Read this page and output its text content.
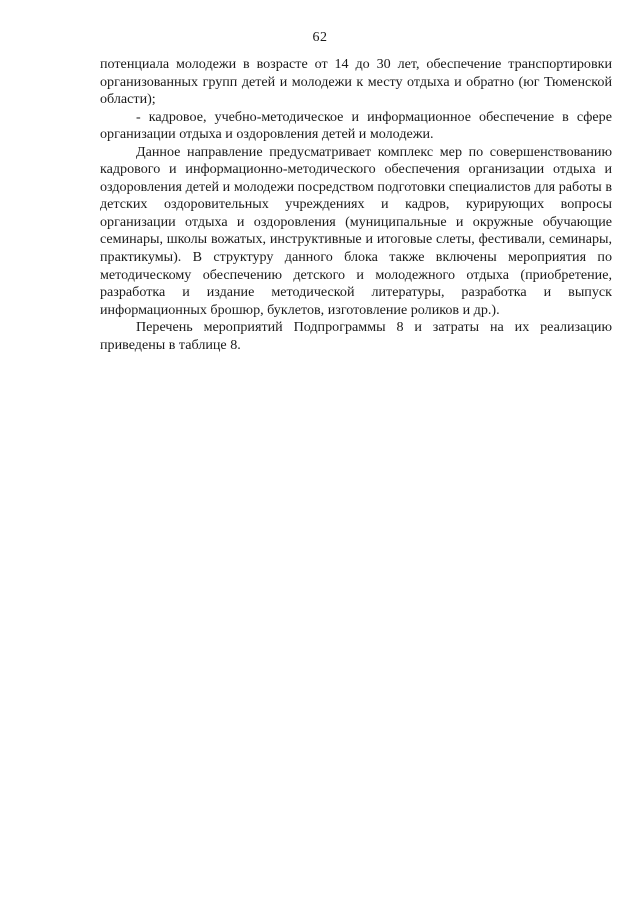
62

потенциала молодежи в возрасте от 14 до 30 лет, обеспечение транспортировки организованных групп детей и молодежи к месту отдыха и обратно (юг Тюменской области);

- кадровое, учебно-методическое и информационное обеспечение в сфере организации отдыха и оздоровления детей и молодежи.

Данное направление предусматривает комплекс мер по совершенствованию кадрового и информационно-методического обеспечения организации отдыха и оздоровления детей и молодежи посредством подготовки специалистов для работы в детских оздоровительных учреждениях и кадров, курирующих вопросы организации отдыха и оздоровления (муниципальные и окружные обучающие семинары, школы вожатых, инструктивные и итоговые слеты, фестивали, семинары, практикумы). В структуру данного блока также включены мероприятия по методическому обеспечению детского и молодежного отдыха (приобретение, разработка и издание методической литературы, разработка и выпуск информационных брошюр, буклетов, изготовление роликов и др.).

Перечень мероприятий Подпрограммы 8 и затраты на их реализацию приведены в таблице 8.
